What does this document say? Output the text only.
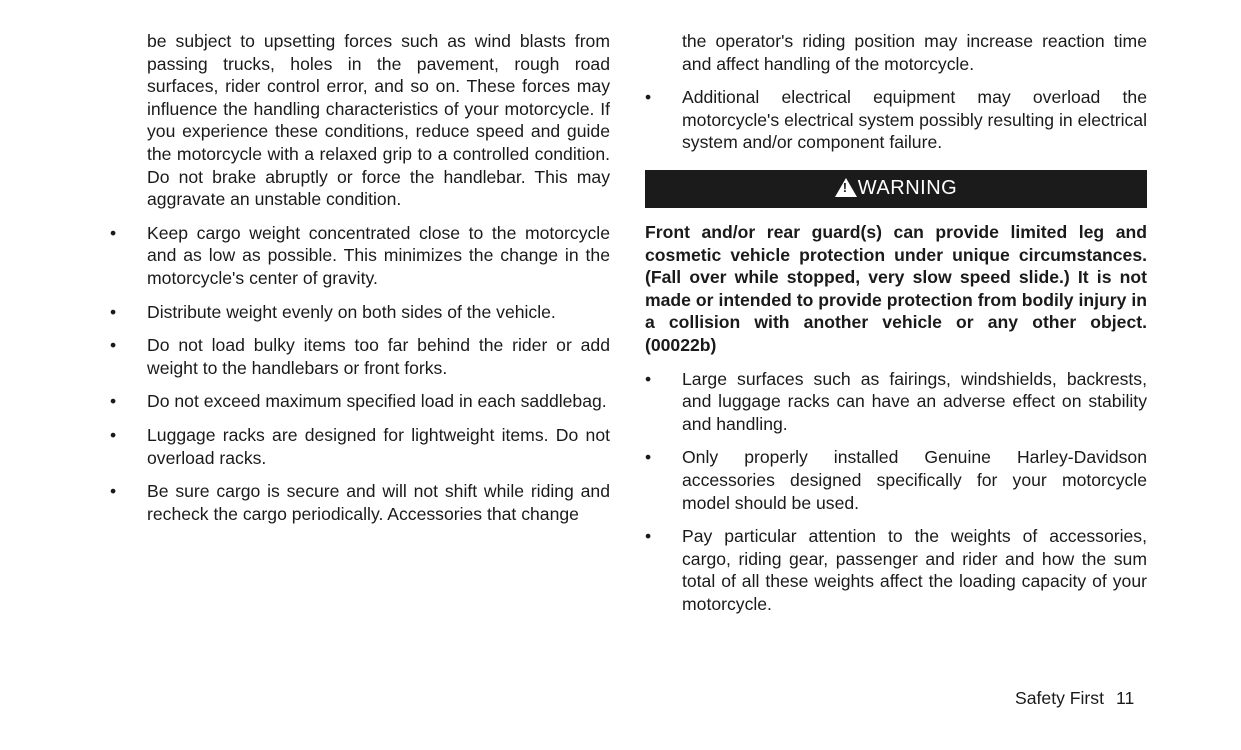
be subject to upsetting forces such as wind blasts from passing trucks, holes in the pavement, rough road surfaces, rider control error, and so on. These forces may influence the handling characteristics of your motorcycle. If you experience these conditions, reduce speed and guide the motorcycle with a relaxed grip to a controlled condition. Do not brake abruptly or force the handlebar. This may aggravate an unstable condition.

• Keep cargo weight concentrated close to the motorcycle and as low as possible. This minimizes the change in the motorcycle's center of gravity.

• Distribute weight evenly on both sides of the vehicle.

• Do not load bulky items too far behind the rider or add weight to the handlebars or front forks.

• Do not exceed maximum specified load in each saddlebag.

• Luggage racks are designed for lightweight items. Do not overload racks.

• Be sure cargo is secure and will not shift while riding and recheck the cargo periodically. Accessories that change

the operator's riding position may increase reaction time and affect handling of the motorcycle.

• Additional electrical equipment may overload the motorcycle's electrical system possibly resulting in electrical system and/or component failure.

!
WARNING

Front and/or rear guard(s) can provide limited leg and cosmetic vehicle protection under unique circumstances. (Fall over while stopped, very slow speed slide.) It is not made or intended to provide protection from bodily injury in a collision with another vehicle or any other object. (00022b)

• Large surfaces such as fairings, windshields, backrests, and luggage racks can have an adverse effect on stability and handling.

• Only properly installed Genuine Harley-Davidson accessories designed specifically for your motorcycle model should be used.

• Pay particular attention to the weights of accessories, cargo, riding gear, passenger and rider and how the sum total of all these weights affect the loading capacity of your motorcycle.

Safety First 11
